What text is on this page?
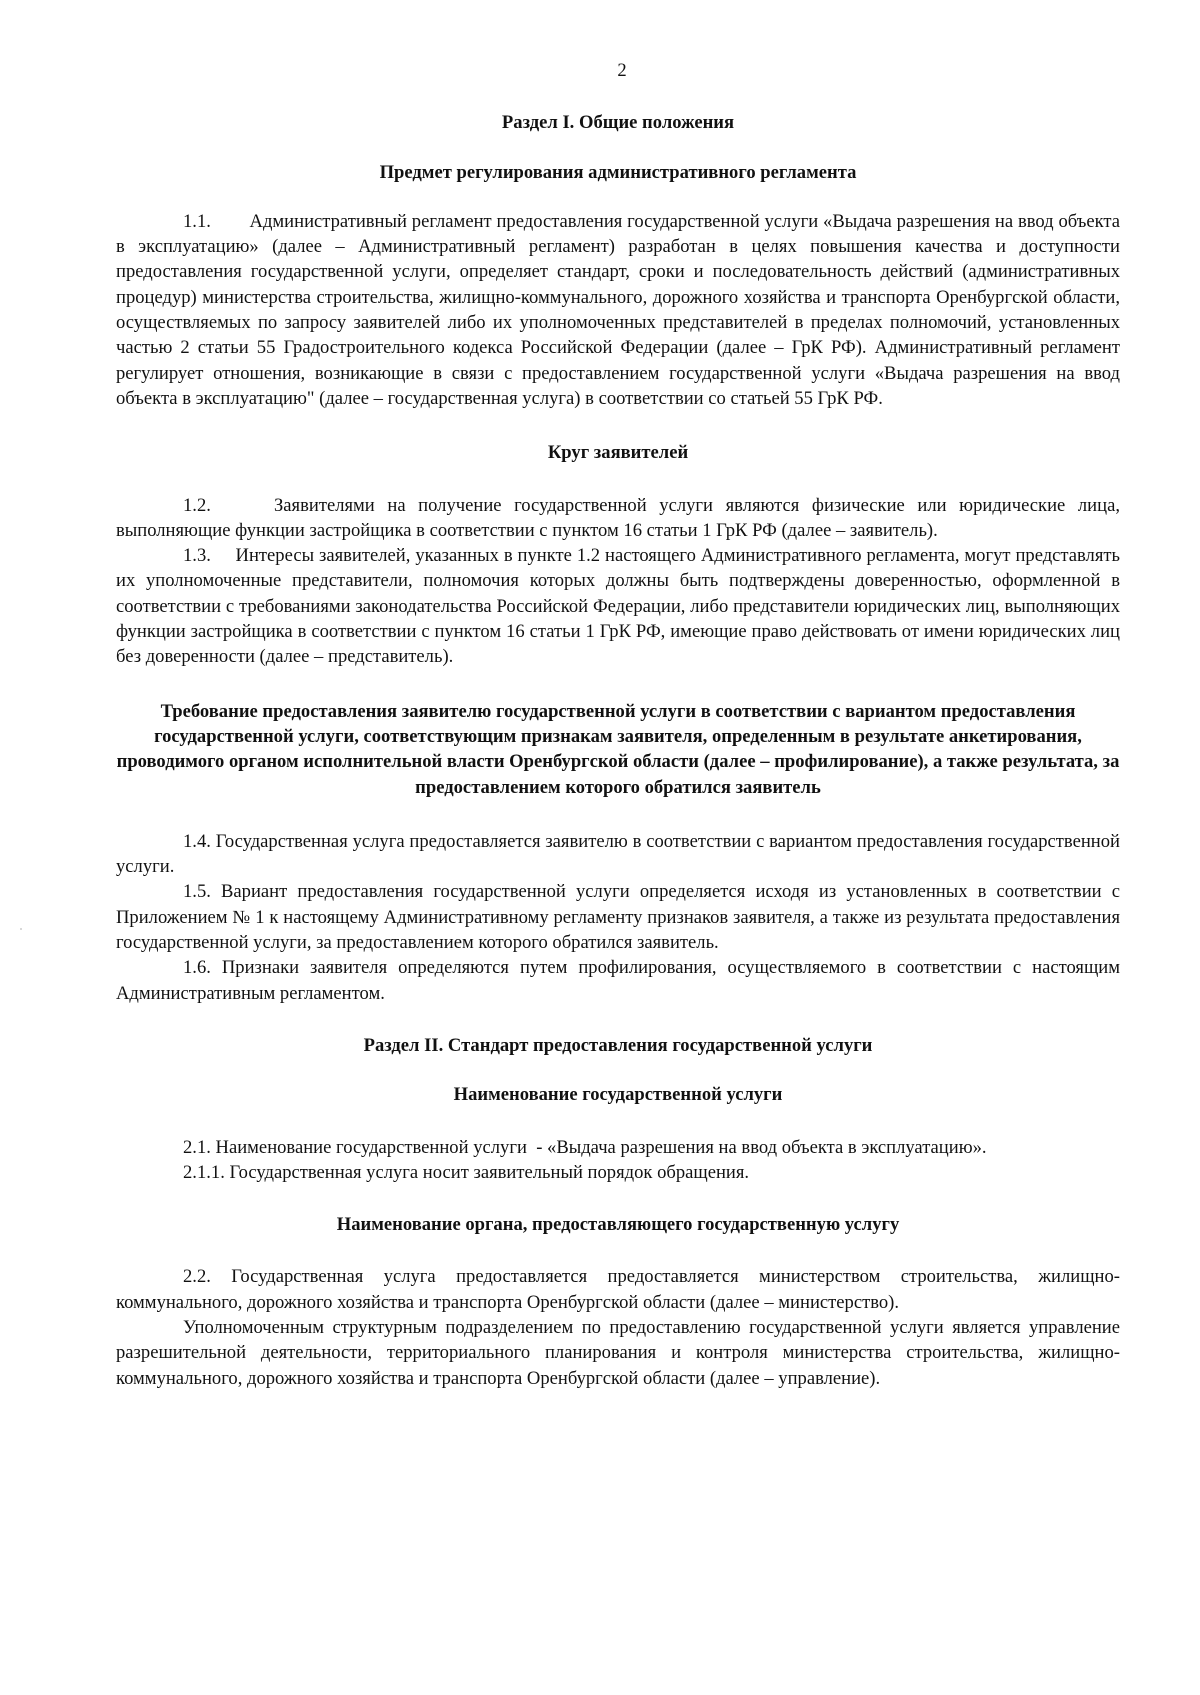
2

Раздел I. Общие положения

Предмет регулирования административного регламента

1.1.        Административный регламент предоставления государственной услуги «Выдача разрешения на ввод объекта в эксплуатацию» (далее – Административный регламент) разработан в целях повышения качества и доступности предоставления государственной услуги, определяет стандарт, сроки и последовательность действий (административных процедур) министерства строительства, жилищно-коммунального, дорожного хозяйства и транспорта Оренбургской области, осуществляемых по запросу заявителей либо их уполномоченных представителей в пределах полномочий, установленных частью 2 статьи 55 Градостроительного кодекса Российской Федерации (далее – ГрК РФ). Административный регламент регулирует отношения, возникающие в связи с предоставлением государственной услуги «Выдача разрешения на ввод объекта в эксплуатацию" (далее – государственная услуга) в соответствии со статьей 55 ГрК РФ.

Круг заявителей

1.2.     Заявителями на получение государственной услуги являются физические или юридические лица, выполняющие функции застройщика в соответствии с пунктом 16 статьи 1 ГрК РФ (далее – заявитель).

1.3.     Интересы заявителей, указанных в пункте 1.2 настоящего Административного регламента, могут представлять их уполномоченные представители, полномочия которых должны быть подтверждены доверенностью, оформленной в соответствии с требованиями законодательства Российской Федерации, либо представители юридических лиц, выполняющих функции застройщика в соответствии с пунктом 16 статьи 1 ГрК РФ, имеющие право действовать от имени юридических лиц без доверенности (далее – представитель).

Требование предоставления заявителю государственной услуги в соответствии с вариантом предоставления государственной услуги, соответствующим признакам заявителя, определенным в результате анкетирования, проводимого органом исполнительной власти Оренбургской области (далее – профилирование), а также результата, за предоставлением которого обратился заявитель

1.4. Государственная услуга предоставляется заявителю в соответствии с вариантом предоставления государственной услуги.

1.5. Вариант предоставления государственной услуги определяется исходя из установленных в соответствии с Приложением № 1 к настоящему Административному регламенту признаков заявителя, а также из результата предоставления государственной услуги, за предоставлением которого обратился заявитель.

1.6. Признаки заявителя определяются путем профилирования, осуществляемого в соответствии с настоящим Административным регламентом.

Раздел II. Стандарт предоставления государственной услуги

Наименование государственной услуги

2.1. Наименование государственной услуги  - «Выдача разрешения на ввод объекта в эксплуатацию».

2.1.1. Государственная услуга носит заявительный порядок обращения.

Наименование органа, предоставляющего государственную услугу

2.2. Государственная услуга предоставляется предоставляется министерством строительства, жилищно-коммунального, дорожного хозяйства и транспорта Оренбургской области (далее – министерство).

Уполномоченным структурным подразделением по предоставлению государственной услуги является управление разрешительной деятельности, территориального планирования и контроля министерства строительства, жилищно-коммунального, дорожного хозяйства и транспорта Оренбургской области (далее – управление).
